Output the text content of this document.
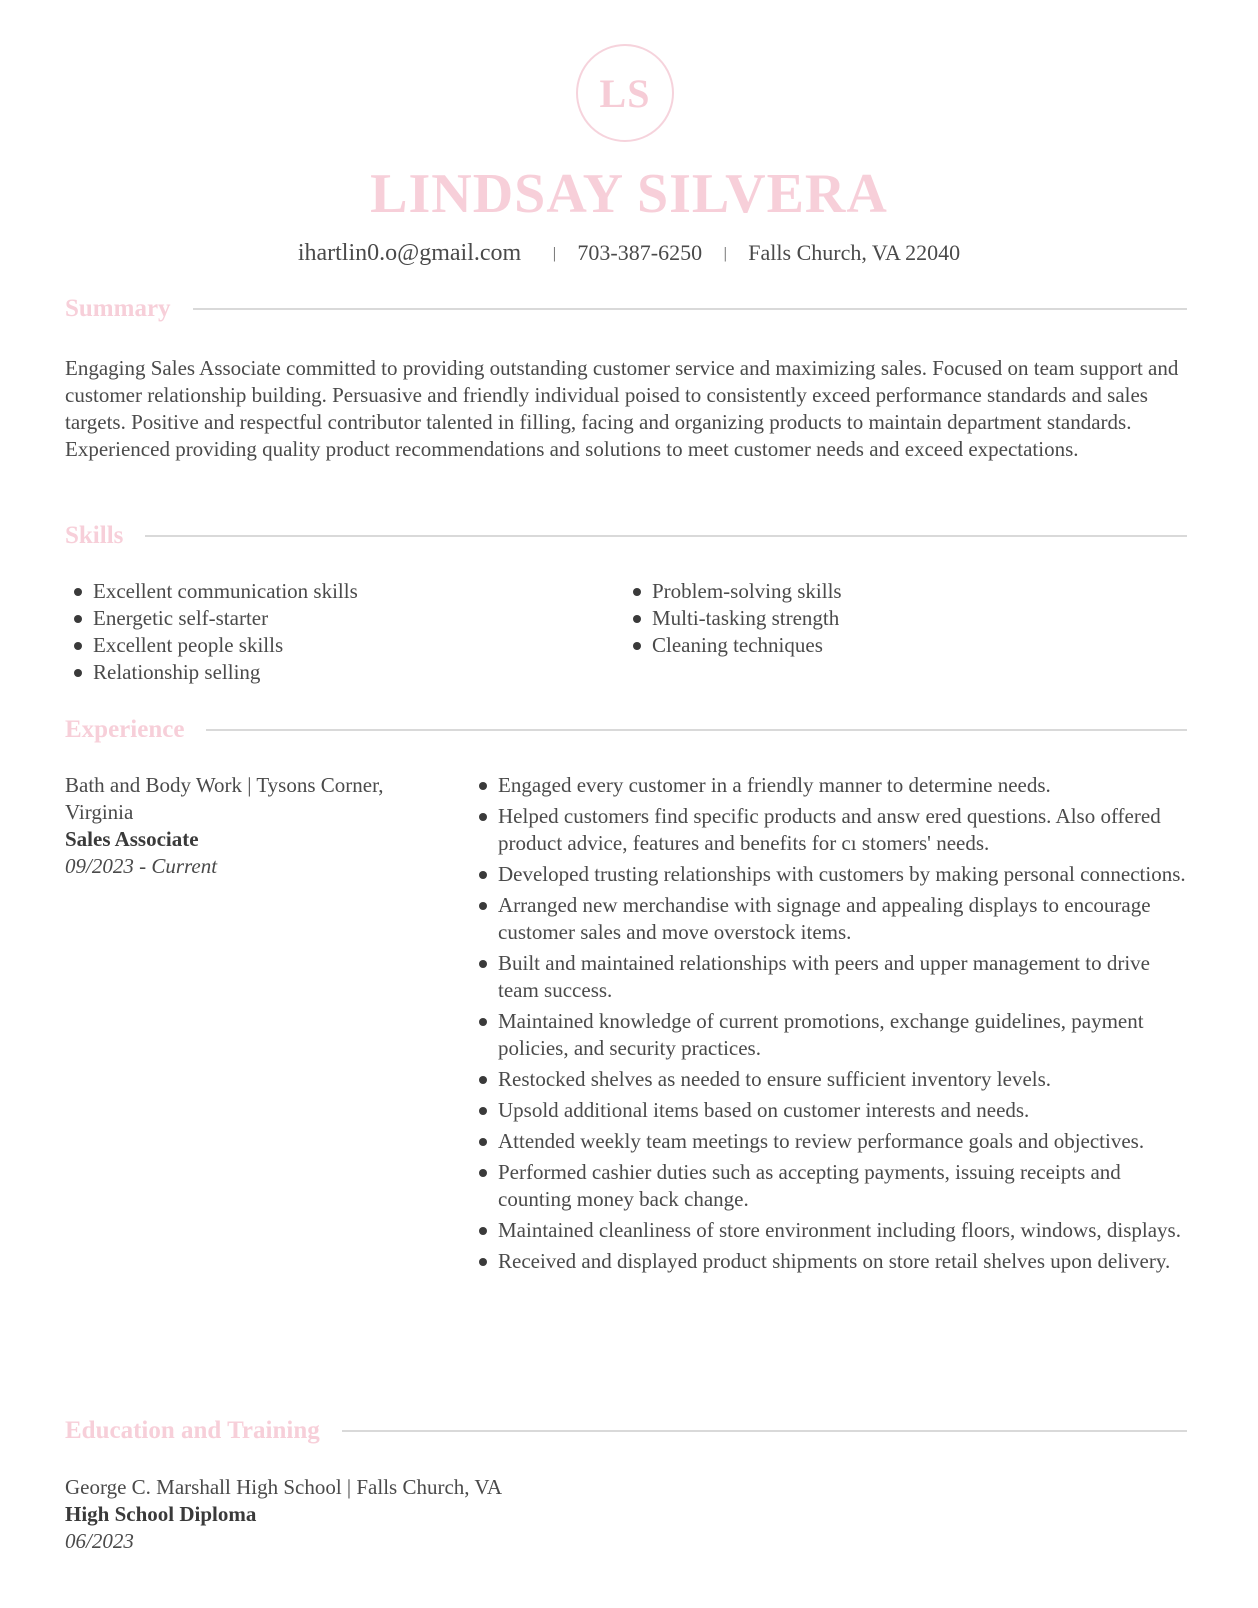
LS
LINDSAY SILVERA
ihartlin0.o@gmail.com | 703-387-6250 | Falls Church, VA 22040
Summary

Engaging Sales Associate committed to providing outstanding customer service and maximizing sales. Focused on team support and customer relationship building. Persuasive and friendly individual poised to consistently exceed performance standards and sales targets. Positive and respectful contributor talented in filling, facing and organizing products to maintain department standards. Experienced providing quality product recommendations and solutions to meet customer needs and exceed expectations.

Skills
Excellent communication skills
Energetic self-starter
Excellent people skills
Relationship selling
Problem-solving skills
Multi-tasking strength
Cleaning techniques
Experience
Bath and Body Work | Tysons Corner, Virginia
Sales Associate
09/2023 - Current
Engaged every customer in a friendly manner to determine needs.
Helped customers find specific products and answ ered questions. Also offered product advice, features and benefits for cı stomers' needs.
Developed trusting relationships with customers by making personal connections.
Arranged new merchandise with signage and appealing displays to encourage customer sales and move overstock items.
Built and maintained relationships with peers and upper management to drive team success.
Maintained knowledge of current promotions, exchange guidelines, payment policies, and security practices.
Restocked shelves as needed to ensure sufficient inventory levels.
Upsold additional items based on customer interests and needs.
Attended weekly team meetings to review performance goals and objectives.
Performed cashier duties such as accepting payments, issuing receipts and counting money back change.
Maintained cleanliness of store environment including floors, windows, displays.
Received and displayed product shipments on store retail shelves upon delivery.
Education and Training
George C. Marshall High School | Falls Church, VA
High School Diploma
06/2023
